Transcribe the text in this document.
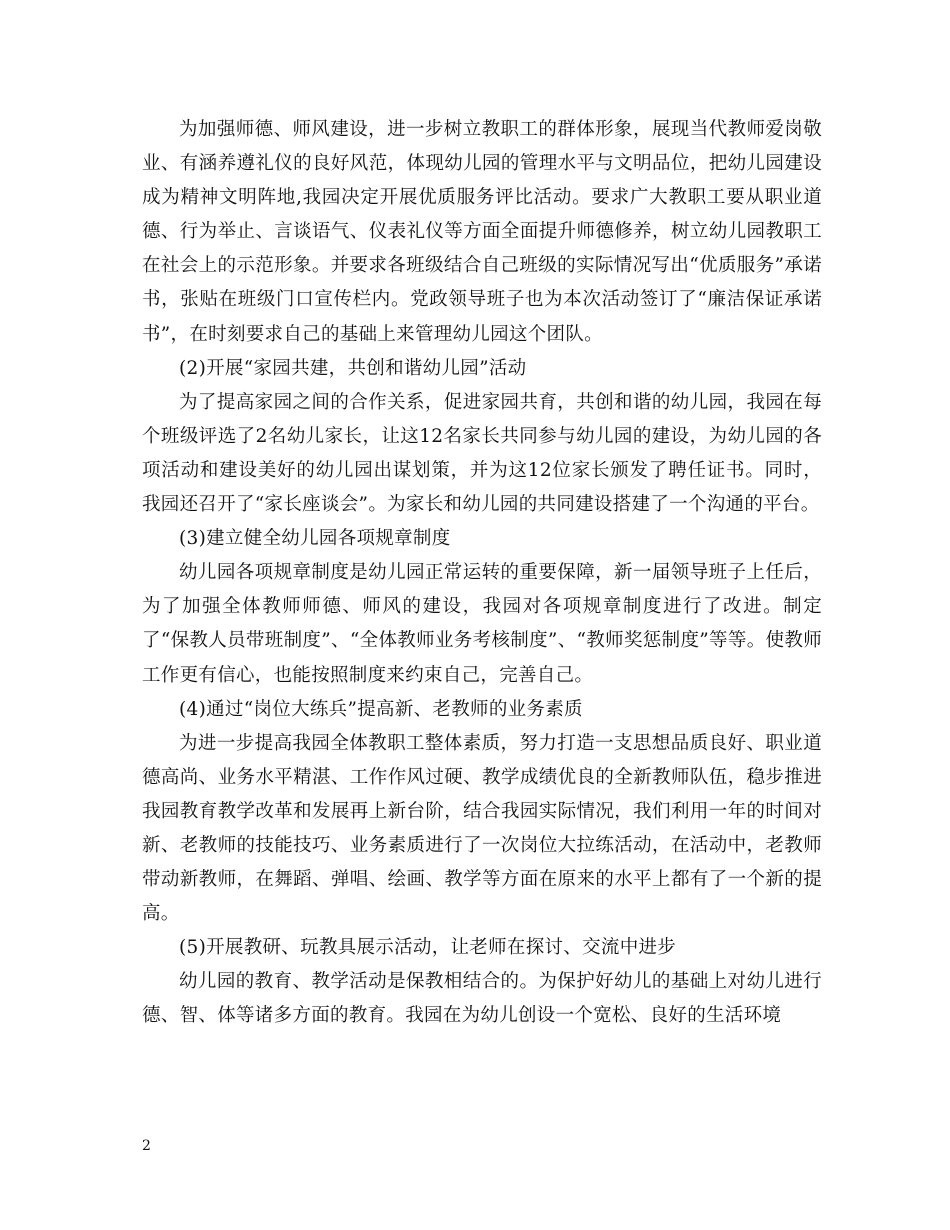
为加强师德、师风建设，进一步树立教职工的群体形象，展现当代教师爱岗敬业、有涵养遵礼仪的良好风范，体现幼儿园的管理水平与文明品位，把幼儿园建设成为精神文明阵地,我园决定开展优质服务评比活动。要求广大教职工要从职业道德、行为举止、言谈语气、仪表礼仪等方面全面提升师德修养，树立幼儿园教职工在社会上的示范形象。并要求各班级结合自己班级的实际情况写出“优质服务”承诺书，张贴在班级门口宣传栏内。党政领导班子也为本次活动签订了“廉洁保证承诺书”，在时刻要求自己的基础上来管理幼儿园这个团队。

(2)开展“家园共建，共创和谐幼儿园”活动

为了提高家园之间的合作关系，促进家园共育，共创和谐的幼儿园，我园在每个班级评选了2名幼儿家长，让这12名家长共同参与幼儿园的建设，为幼儿园的各项活动和建设美好的幼儿园出谋划策，并为这12位家长颁发了聘任证书。同时，我园还召开了“家长座谈会”。为家长和幼儿园的共同建设搭建了一个沟通的平台。

(3)建立健全幼儿园各项规章制度

幼儿园各项规章制度是幼儿园正常运转的重要保障，新一届领导班子上任后，为了加强全体教师师德、师风的建设，我园对各项规章制度进行了改进。制定了“保教人员带班制度”、“全体教师业务考核制度”、“教师奖惩制度”等等。使教师工作更有信心，也能按照制度来约束自己，完善自己。

(4)通过“岗位大练兵”提高新、老教师的业务素质

为进一步提高我园全体教职工整体素质，努力打造一支思想品质良好、职业道德高尚、业务水平精湛、工作作风过硬、教学成绩优良的全新教师队伍，稳步推进我园教育教学改革和发展再上新台阶，结合我园实际情况，我们利用一年的时间对新、老教师的技能技巧、业务素质进行了一次岗位大拉练活动，在活动中，老教师带动新教师，在舞蹈、弹唱、绘画、教学等方面在原来的水平上都有了一个新的提高。

(5)开展教研、玩教具展示活动，让老师在探讨、交流中进步

幼儿园的教育、教学活动是保教相结合的。为保护好幼儿的基础上对幼儿进行德、智、体等诸多方面的教育。我园在为幼儿创设一个宽松、良好的生活环境

2
